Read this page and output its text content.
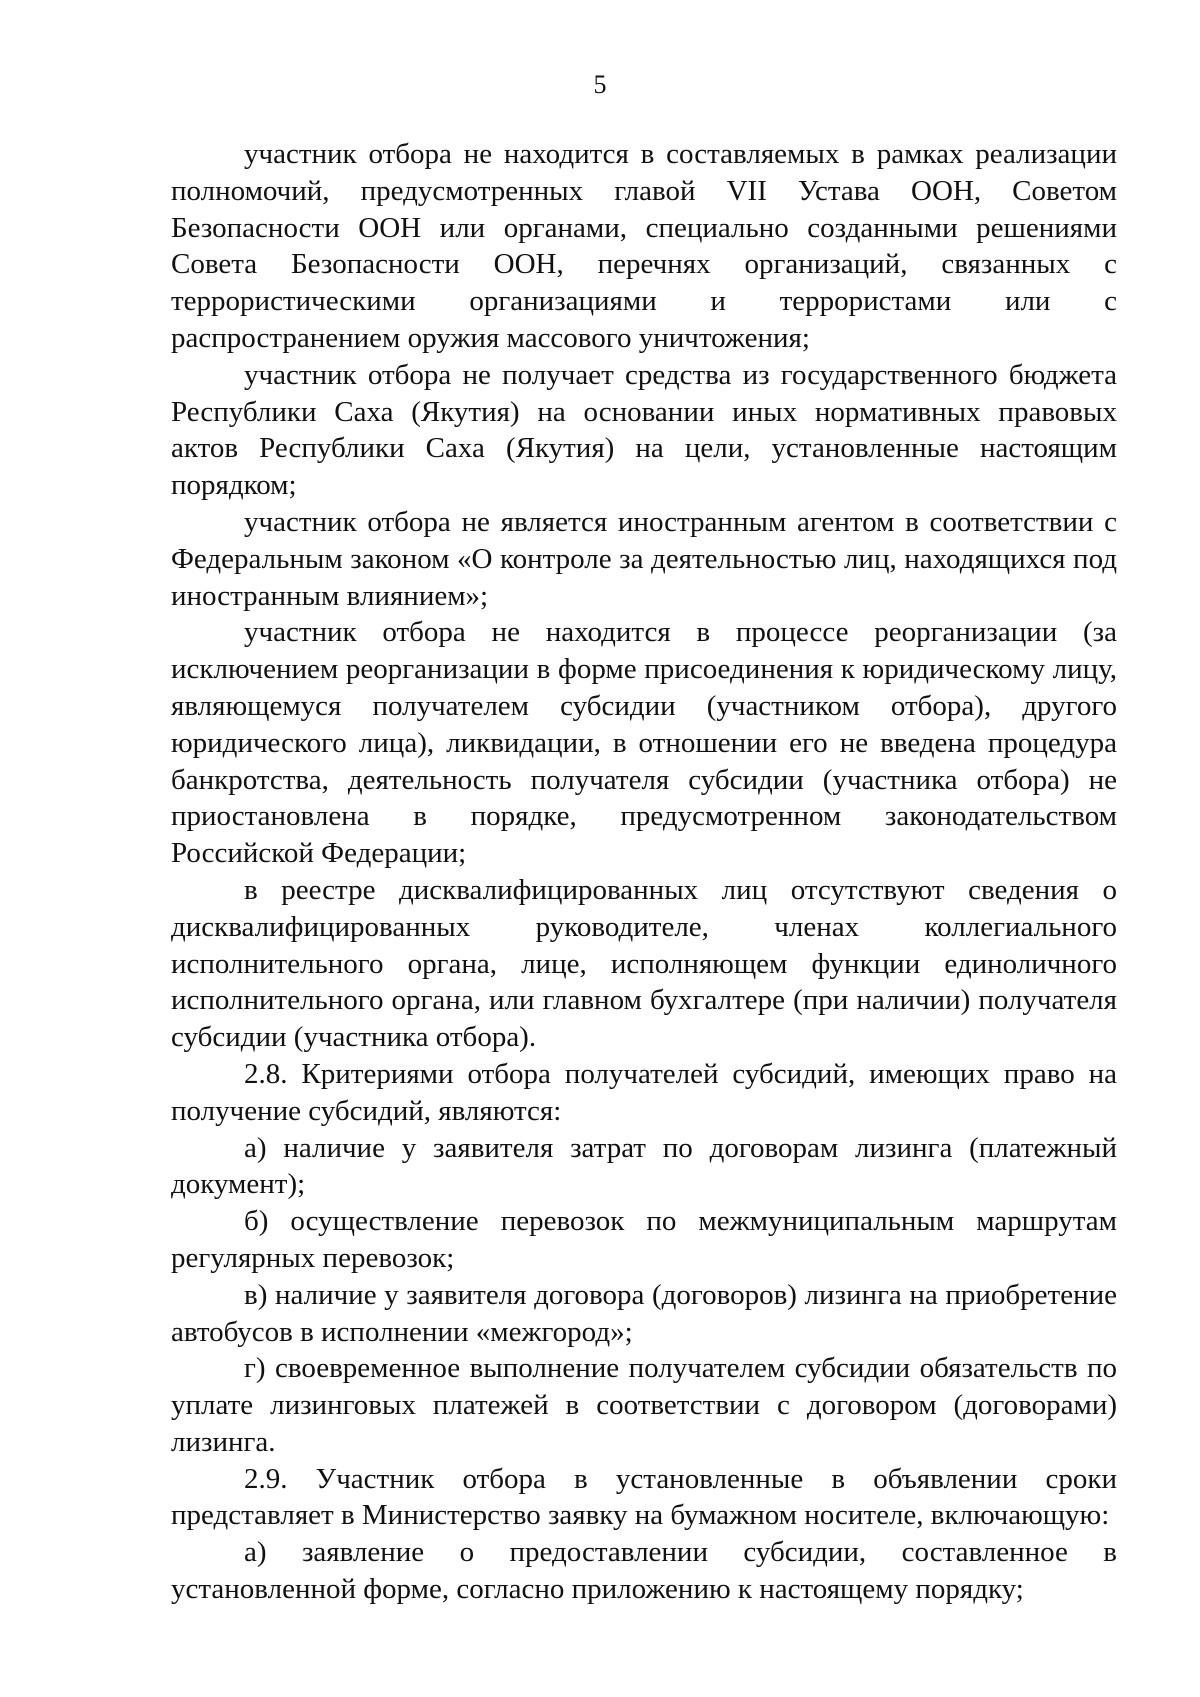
5

участник отбора не находится в составляемых в рамках реализации полномочий, предусмотренных главой VII Устава ООН, Советом Безопасности ООН или органами, специально созданными решениями Совета Безопасности ООН, перечнях организаций, связанных с террористическими организациями и террористами или с распространением оружия массового уничтожения;

участник отбора не получает средства из государственного бюджета Республики Саха (Якутия) на основании иных нормативных правовых актов Республики Саха (Якутия) на цели, установленные настоящим порядком;

участник отбора не является иностранным агентом в соответствии с Федеральным законом «О контроле за деятельностью лиц, находящихся под иностранным влиянием»;

участник отбора не находится в процессе реорганизации (за исключением реорганизации в форме присоединения к юридическому лицу, являющемуся получателем субсидии (участником отбора), другого юридического лица), ликвидации, в отношении его не введена процедура банкротства, деятельность получателя субсидии (участника отбора) не приостановлена в порядке, предусмотренном законодательством Российской Федерации;

в реестре дисквалифицированных лиц отсутствуют сведения о дисквалифицированных руководителе, членах коллегиального исполнительного органа, лице, исполняющем функции единоличного исполнительного органа, или главном бухгалтере (при наличии) получателя субсидии (участника отбора).

2.8. Критериями отбора получателей субсидий, имеющих право на получение субсидий, являются:

а) наличие у заявителя затрат по договорам лизинга (платежный документ);

б) осуществление перевозок по межмуниципальным маршрутам регулярных перевозок;

в) наличие у заявителя договора (договоров) лизинга на приобретение автобусов в исполнении «межгород»;

г) своевременное выполнение получателем субсидии обязательств по уплате лизинговых платежей в соответствии с договором (договорами) лизинга.

2.9. Участник отбора в установленные в объявлении сроки представляет в Министерство заявку на бумажном носителе, включающую:

а) заявление о предоставлении субсидии, составленное в установленной форме, согласно приложению к настоящему порядку;
